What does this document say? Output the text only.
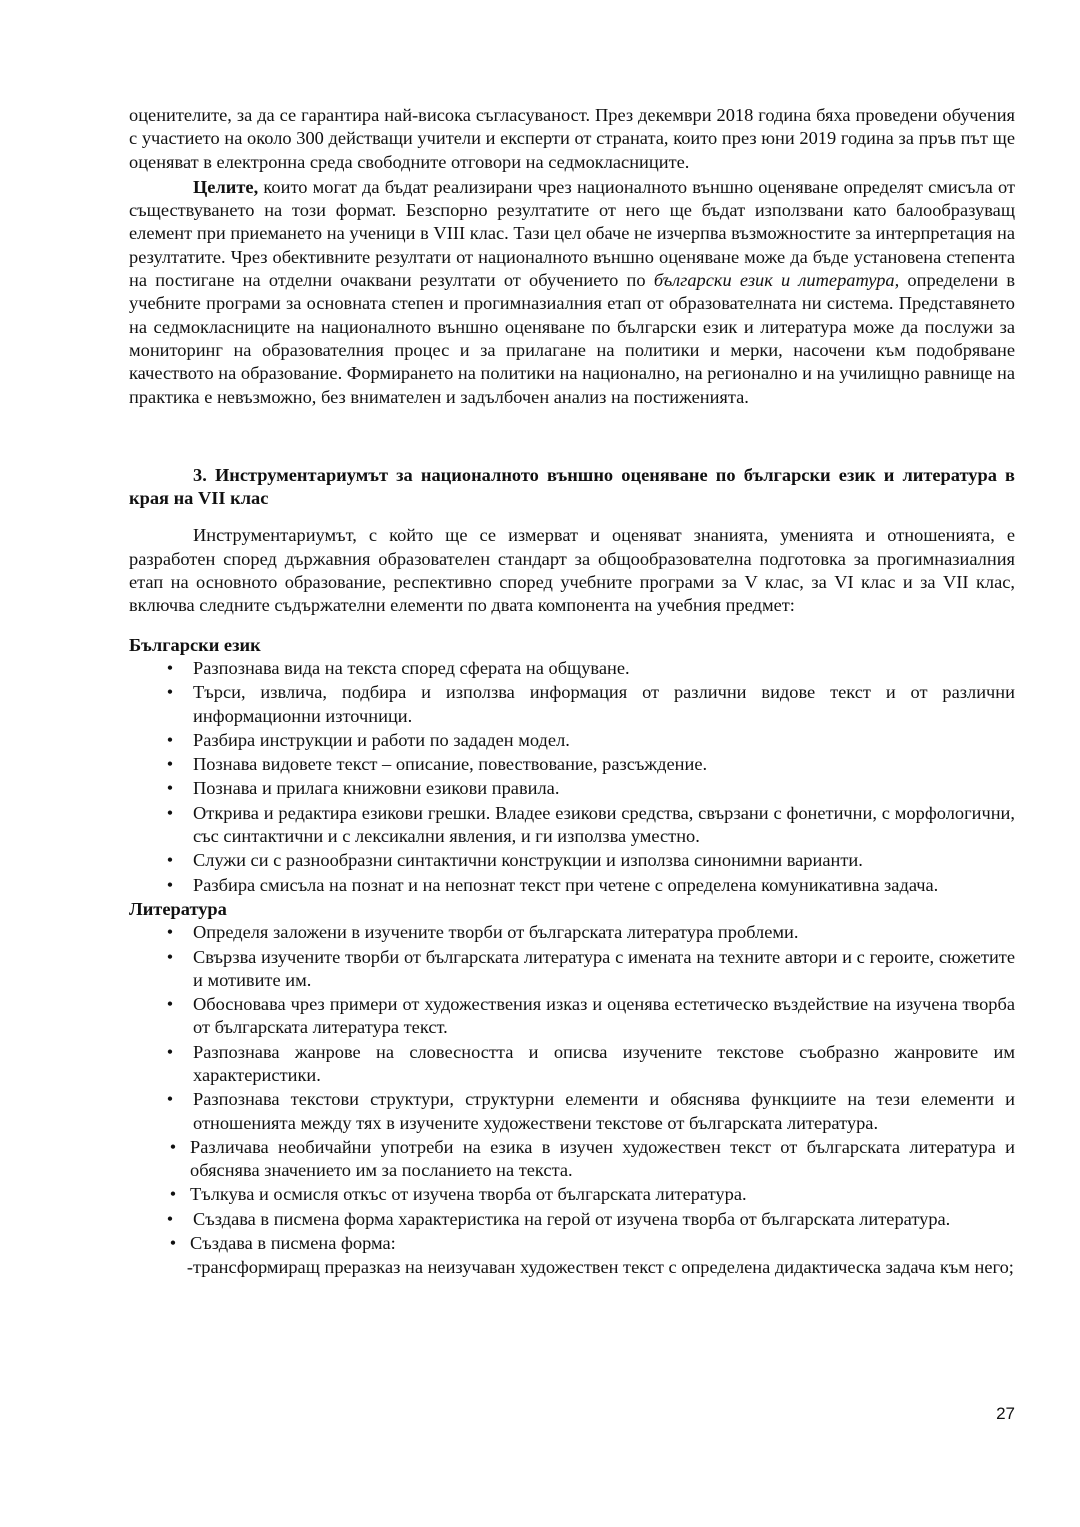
оценителите, за да се гарантира най-висока съгласуваност. През декември 2018 година бяха проведени обучения с участието на около 300 действащи учители и експерти от страната, които през юни 2019 година за пръв път ще оценяват в електронна среда свободните отговори на седмокласниците.

Целите, които могат да бъдат реализирани чрез националното външно оценяване определят смисъла от съществуването на този формат. Безспорно резултатите от него ще бъдат използвани като балообразуващ елемент при приемането на ученици в VIII клас. Тази цел обаче не изчерпва възможностите за интерпретация на резултатите. Чрез обективните резултати от националното външно оценяване може да бъде установена степента на постигане на отделни очаквани резултати от обучението по български език и литература, определени в учебните програми за основната степен и прогимназиалния етап от образователната ни система. Представянето на седмокласниците на националното външно оценяване по български език и литература може да послужи за мониторинг на образователния процес и за прилагане на политики и мерки, насочени към подобряване качеството на образование. Формирането на политики на национално, на регионално и на училищно равнище на практика е невъзможно, без внимателен и задълбочен анализ на постиженията.

3. Инструментариумът за националното външно оценяване по български език и литература в края на VII клас

Инструментариумът, с който ще се измерват и оценяват знанията, уменията и отношенията, е разработен според държавния образователен стандарт за общообразователна подготовка за прогимназиалния етап на основното образование, респективно според учебните програми за V клас, за VI клас и за VII клас, включва следните съдържателни елементи по двата компонента на учебния предмет:

Български език
• Разпознава вида на текста според сферата на общуване.
• Търси, извлича, подбира и използва информация от различни видове текст и от различни информационни източници.
• Разбира инструкции и работи по зададен модел.
• Познава видовете текст – описание, повествование, разсъждение.
• Познава и прилага книжовни езикови правила.
• Открива и редактира езикови грешки. Владее езикови средства, свързани с фонетични, с морфологични, със синтактични и с лексикални явления, и ги използва уместно.
• Служи си с разнообразни синтактични конструкции и използва синонимни варианти.
• Разбира смисъла на познат и на непознат текст при четене с определена комуникативна задача.
Литература
• Определя заложени в изучените творби от българската литература проблеми.
• Свързва изучените творби от българската литература с имената на техните автори и с героите, сюжетите и мотивите им.
• Обосновава чрез примери от художествения изказ и оценява естетическо въздействие на изучена творба от българската литература текст.
• Разпознава жанрове на словесността и описва изучените текстове съобразно жанровите им характеристики.
• Разпознава текстови структури, структурни елементи и обяснява функциите на тези елементи и отношенията между тях в изучените художествени текстове от българската литература.
• Различава необичайни употреби на езика в изучен художествен текст от българската литература и обяснява значението им за посланието на текста.
• Тълкува и осмисля откъс от изучена творба от българската литература.
• Създава в писмена форма характеристика на герой от изучена творба от българската литература.
• Създава в писмена форма:
- трансформиращ преразказ на неизучаван художествен текст с определена дидактическа задача към него;
27
